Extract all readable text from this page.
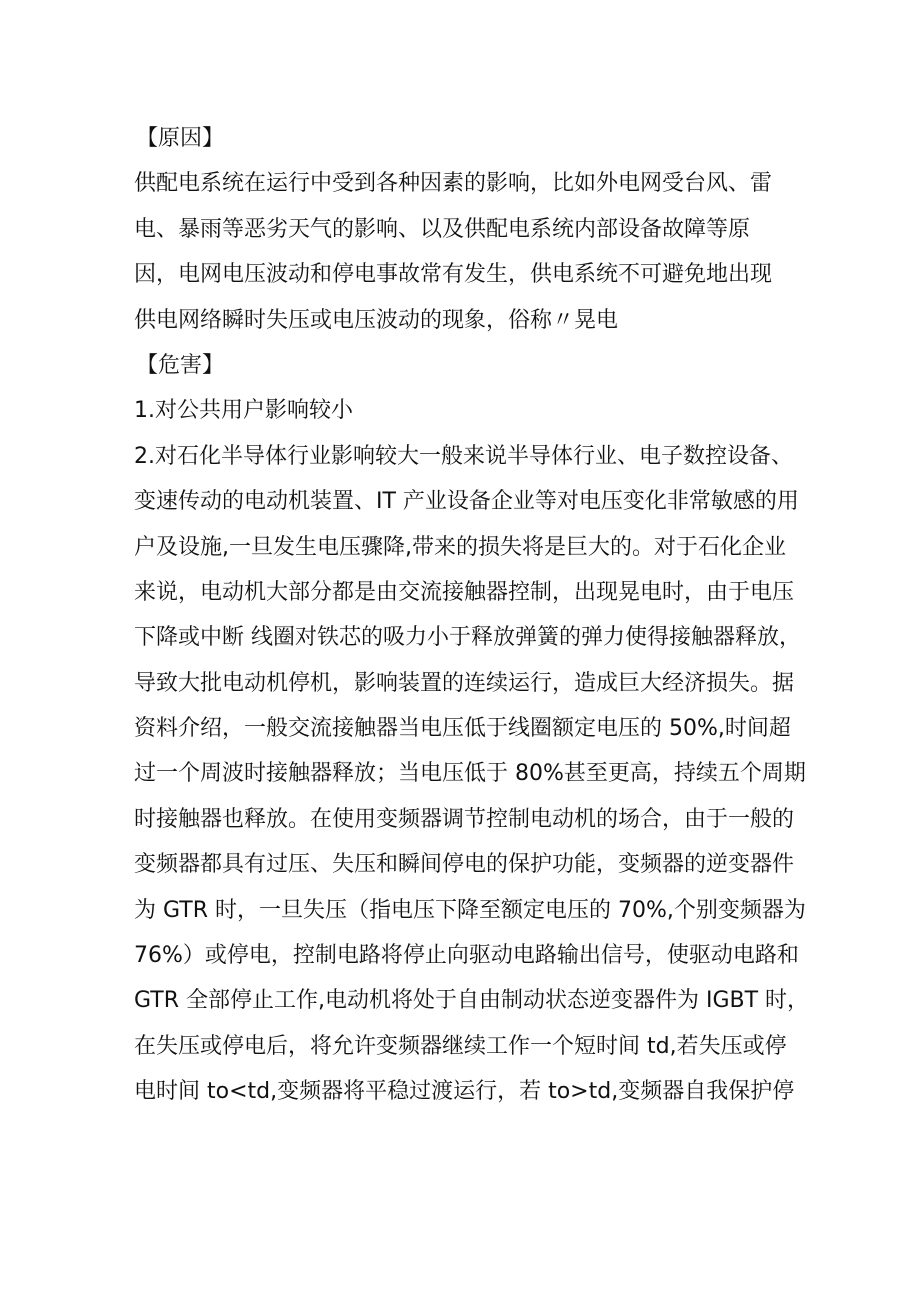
【原因】
供配电系统在运行中受到各种因素的影响，比如外电网受台风、雷
电、暴雨等恶劣天气的影响、以及供配电系统内部设备故障等原
因，电网电压波动和停电事故常有发生，供电系统不可避免地出现
供电网络瞬时失压或电压波动的现象，俗称〃晃电
【危害】
1.对公共用户影响较小
2.对石化半导体行业影响较大一般来说半导体行业、电子数控设备、
变速传动的电动机装置、IT 产业设备企业等对电压变化非常敏感的用
户及设施,一旦发生电压骤降,带来的损失将是巨大的。对于石化企业
来说，电动机大部分都是由交流接触器控制，出现晃电时，由于电压
下降或中断 线圈对铁芯的吸力小于释放弹簧的弹力使得接触器释放，
导致大批电动机停机，影响装置的连续运行，造成巨大经济损失。据
资料介绍，一般交流接触器当电压低于线圈额定电压的 50%,时间超
过一个周波时接触器释放；当电压低于 80%甚至更高，持续五个周期
时接触器也释放。在使用变频器调节控制电动机的场合，由于一般的
变频器都具有过压、失压和瞬间停电的保护功能，变频器的逆变器件
为 GTR 时，一旦失压（指电压下降至额定电压的 70%,个别变频器为
76%）或停电，控制电路将停止向驱动电路输出信号，使驱动电路和
GTR 全部停止工作,电动机将处于自由制动状态逆变器件为 IGBT 时，
在失压或停电后，将允许变频器继续工作一个短时间 td,若失压或停
电时间 to<td,变频器将平稳过渡运行，若 to>td,变频器自我保护停
